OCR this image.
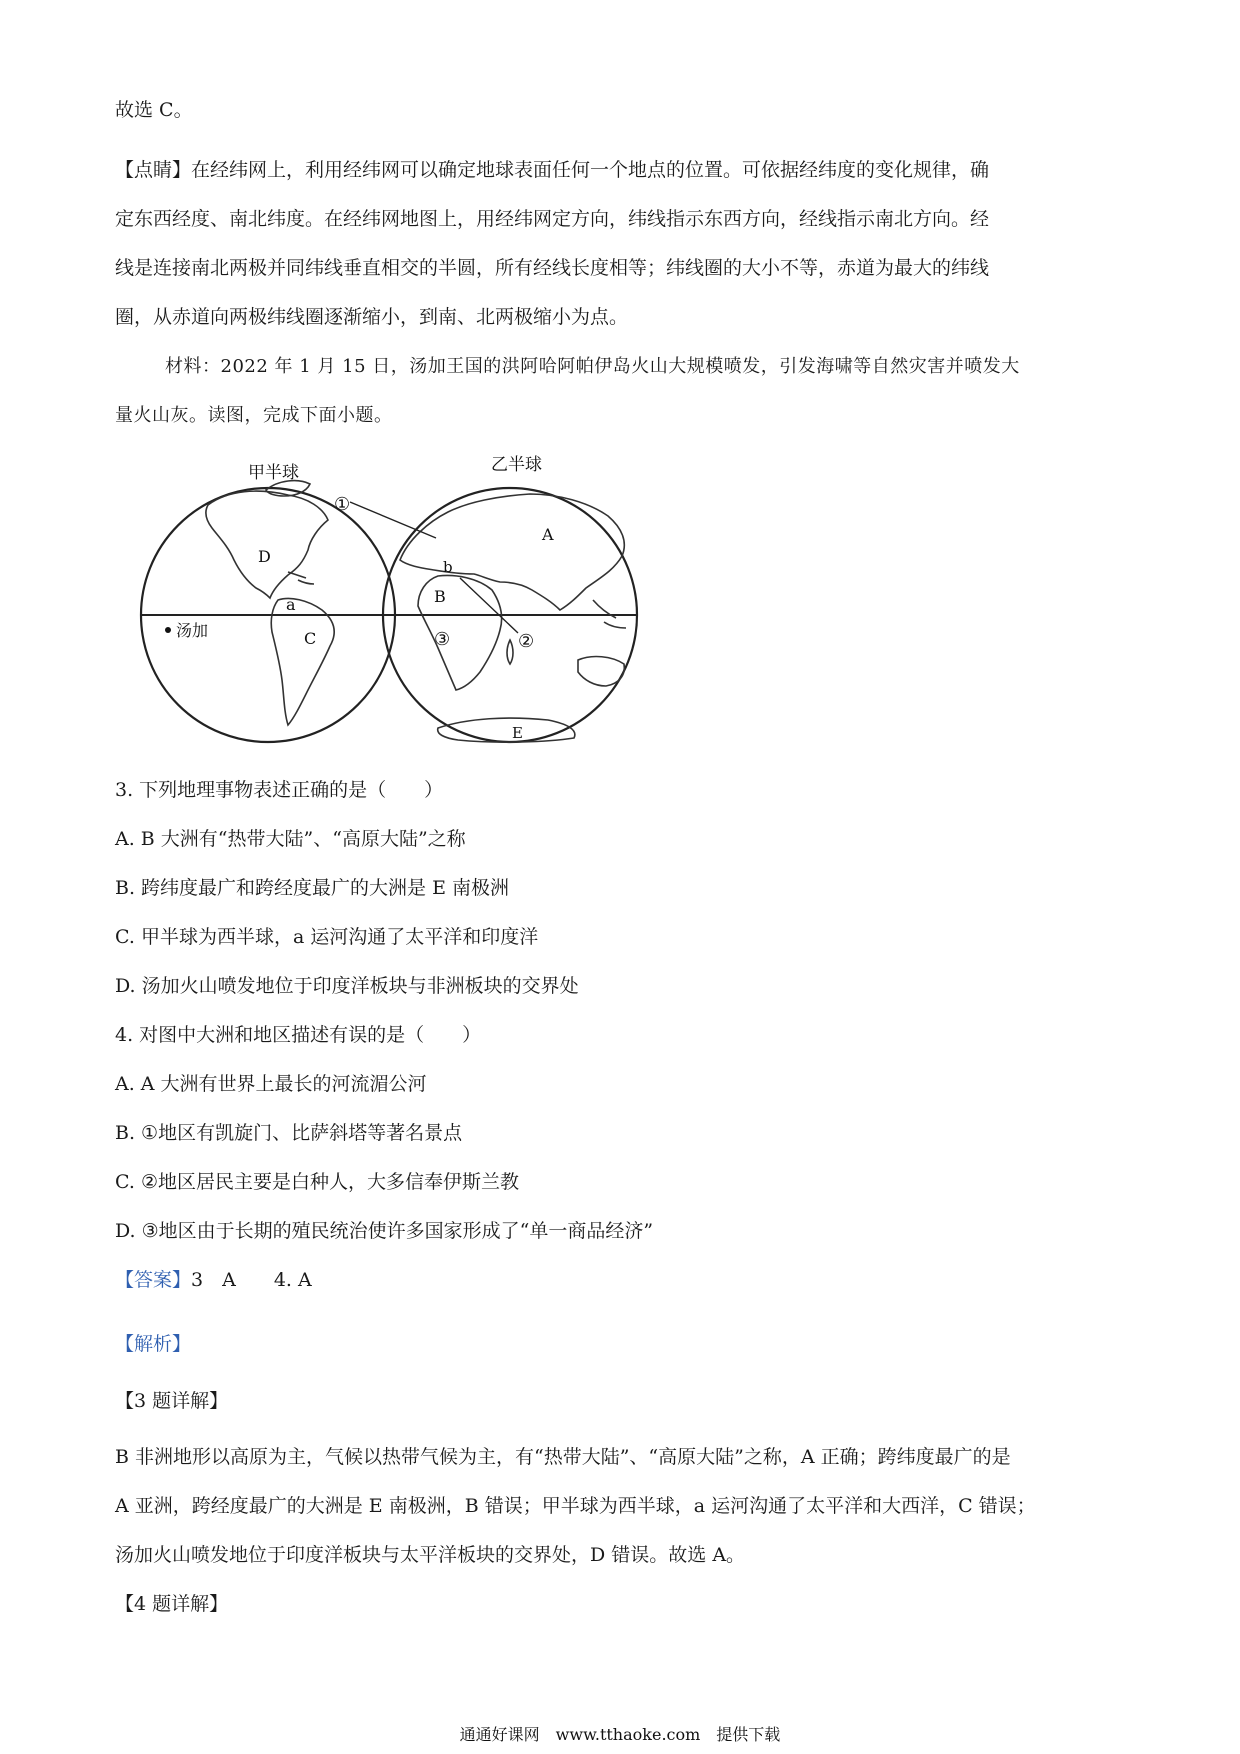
故选 C。

【点睛】在经纬网上，利用经纬网可以确定地球表面任何一个地点的位置。可依据经纬度的变化规律，确
定东西经度、南北纬度。在经纬网地图上，用经纬网定方向，纬线指示东西方向，经线指示南北方向。经
线是连接南北两极并同纬线垂直相交的半圆，所有经线长度相等；纬线圈的大小不等，赤道为最大的纬线
圈，从赤道向两极纬线圈逐渐缩小，到南、北两极缩小为点。
材料：2022 年 1 月 15 日，汤加王国的洪阿哈阿帕伊岛火山大规模喷发，引发海啸等自然灾害并喷发大
量火山灰。读图，完成下面小题。
甲半球	乙半球
①
D
a
C
汤加
A
b
B
③	②
E
3. 下列地理事物表述正确的是（　　）
A. B 大洲有“热带大陆”、“高原大陆”之称
B. 跨纬度最广和跨经度最广的大洲是 E 南极洲
C. 甲半球为西半球，a 运河沟通了太平洋和印度洋
D. 汤加火山喷发地位于印度洋板块与非洲板块的交界处
4. 对图中大洲和地区描述有误的是（　　）
A. A 大洲有世界上最长的河流湄公河
B. ①地区有凯旋门、比萨斜塔等著名景点
C. ②地区居民主要是白种人，大多信奉伊斯兰教
D. ③地区由于长期的殖民统治使许多国家形成了“单一商品经济”

【答案】3　A　　4. A

【解析】

【3 题详解】

B 非洲地形以高原为主，气候以热带气候为主，有“热带大陆”、“高原大陆”之称，A 正确；跨纬度最广的是
A 亚洲，跨经度最广的大洲是 E 南极洲，B 错误；甲半球为西半球，a 运河沟通了太平洋和大西洋，C 错误；
汤加火山喷发地位于印度洋板块与太平洋板块的交界处，D 错误。故选 A。

【4 题详解】

通通好课网　www.tthaoke.com　提供下载
